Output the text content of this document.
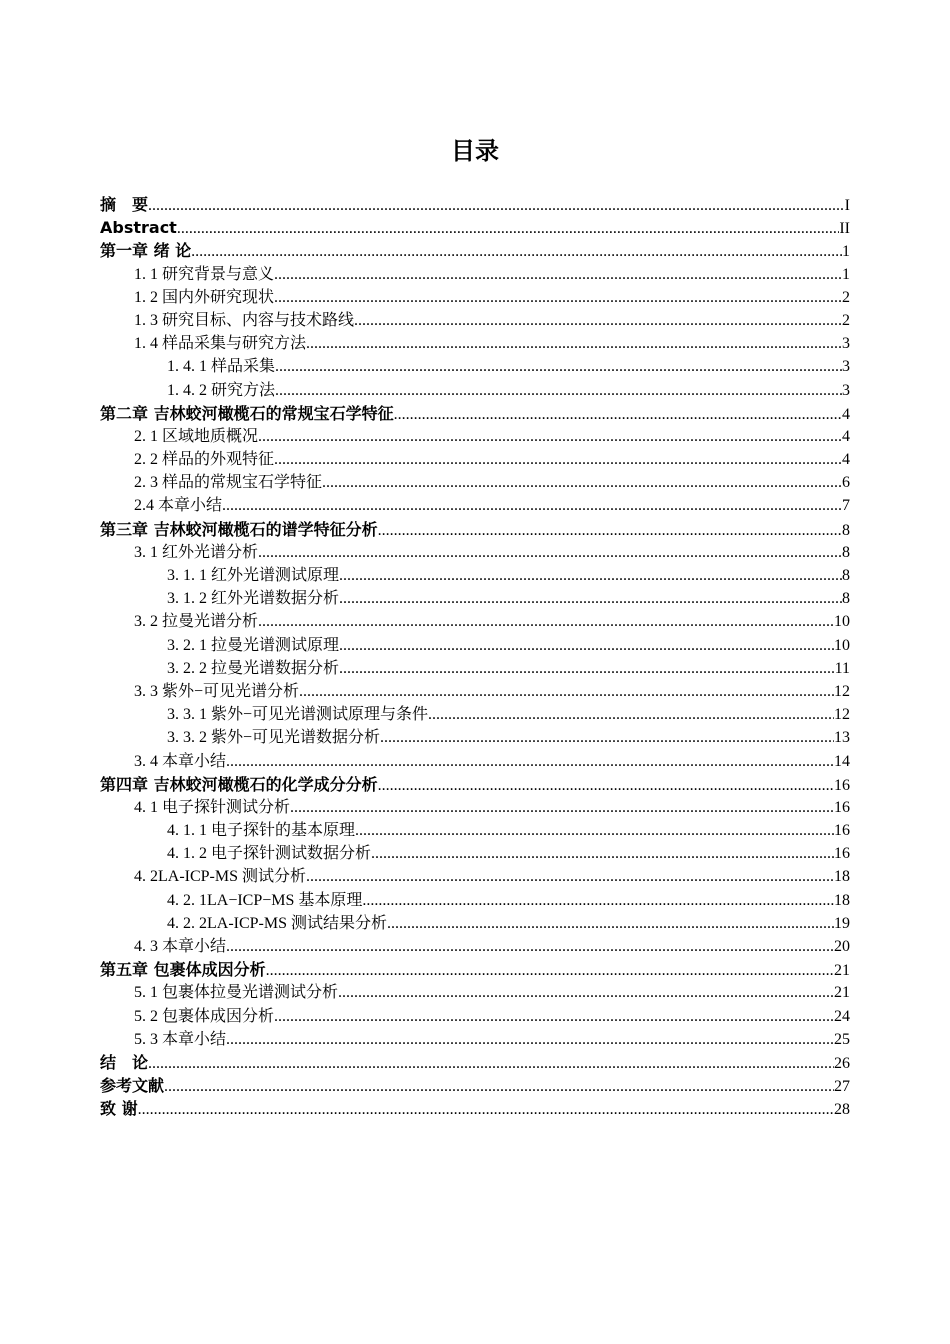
目录
摘　要 .....	I
Abstract .....	II
第一章 绪 论 .....	1
1. 1 研究背景与意义 .....	1
1. 2 国内外研究现状 .....	2
1. 3 研究目标、内容与技术路线 .....	2
1. 4 样品采集与研究方法 .....	3
1. 4. 1 样品采集 .....	3
1. 4. 2 研究方法 .....	3
第二章 吉林蛟河橄榄石的常规宝石学特征 .....	4
2. 1 区域地质概况 .....	4
2. 2 样品的外观特征 .....	4
2. 3 样品的常规宝石学特征 .....	6
2.4 本章小结 .....	7
第三章 吉林蛟河橄榄石的谱学特征分析 .....	8
3. 1 红外光谱分析 .....	8
3. 1. 1 红外光谱测试原理 .....	8
3. 1. 2 红外光谱数据分析 .....	8
3. 2 拉曼光谱分析 .....	10
3. 2. 1 拉曼光谱测试原理 .....	10
3. 2. 2 拉曼光谱数据分析 .....	11
3. 3 紫外−可见光谱分析 .....	12
3. 3. 1 紫外−可见光谱测试原理与条件 .....	12
3. 3. 2 紫外−可见光谱数据分析 .....	13
3. 4 本章小结 .....	14
第四章 吉林蛟河橄榄石的化学成分分析 .....	16
4. 1 电子探针测试分析 .....	16
4. 1. 1 电子探针的基本原理 .....	16
4. 1. 2 电子探针测试数据分析 .....	16
4. 2LA-ICP-MS 测试分析 .....	18
4. 2. 1LA−ICP−MS 基本原理 .....	18
4. 2. 2LA-ICP-MS 测试结果分析 .....	19
4. 3 本章小结 .....	20
第五章 包裹体成因分析 .....	21
5. 1 包裹体拉曼光谱测试分析 .....	21
5. 2 包裹体成因分析 .....	24
5. 3 本章小结 .....	25
结　论 .....	26
参考文献 .....	27
致 谢 .....	28
